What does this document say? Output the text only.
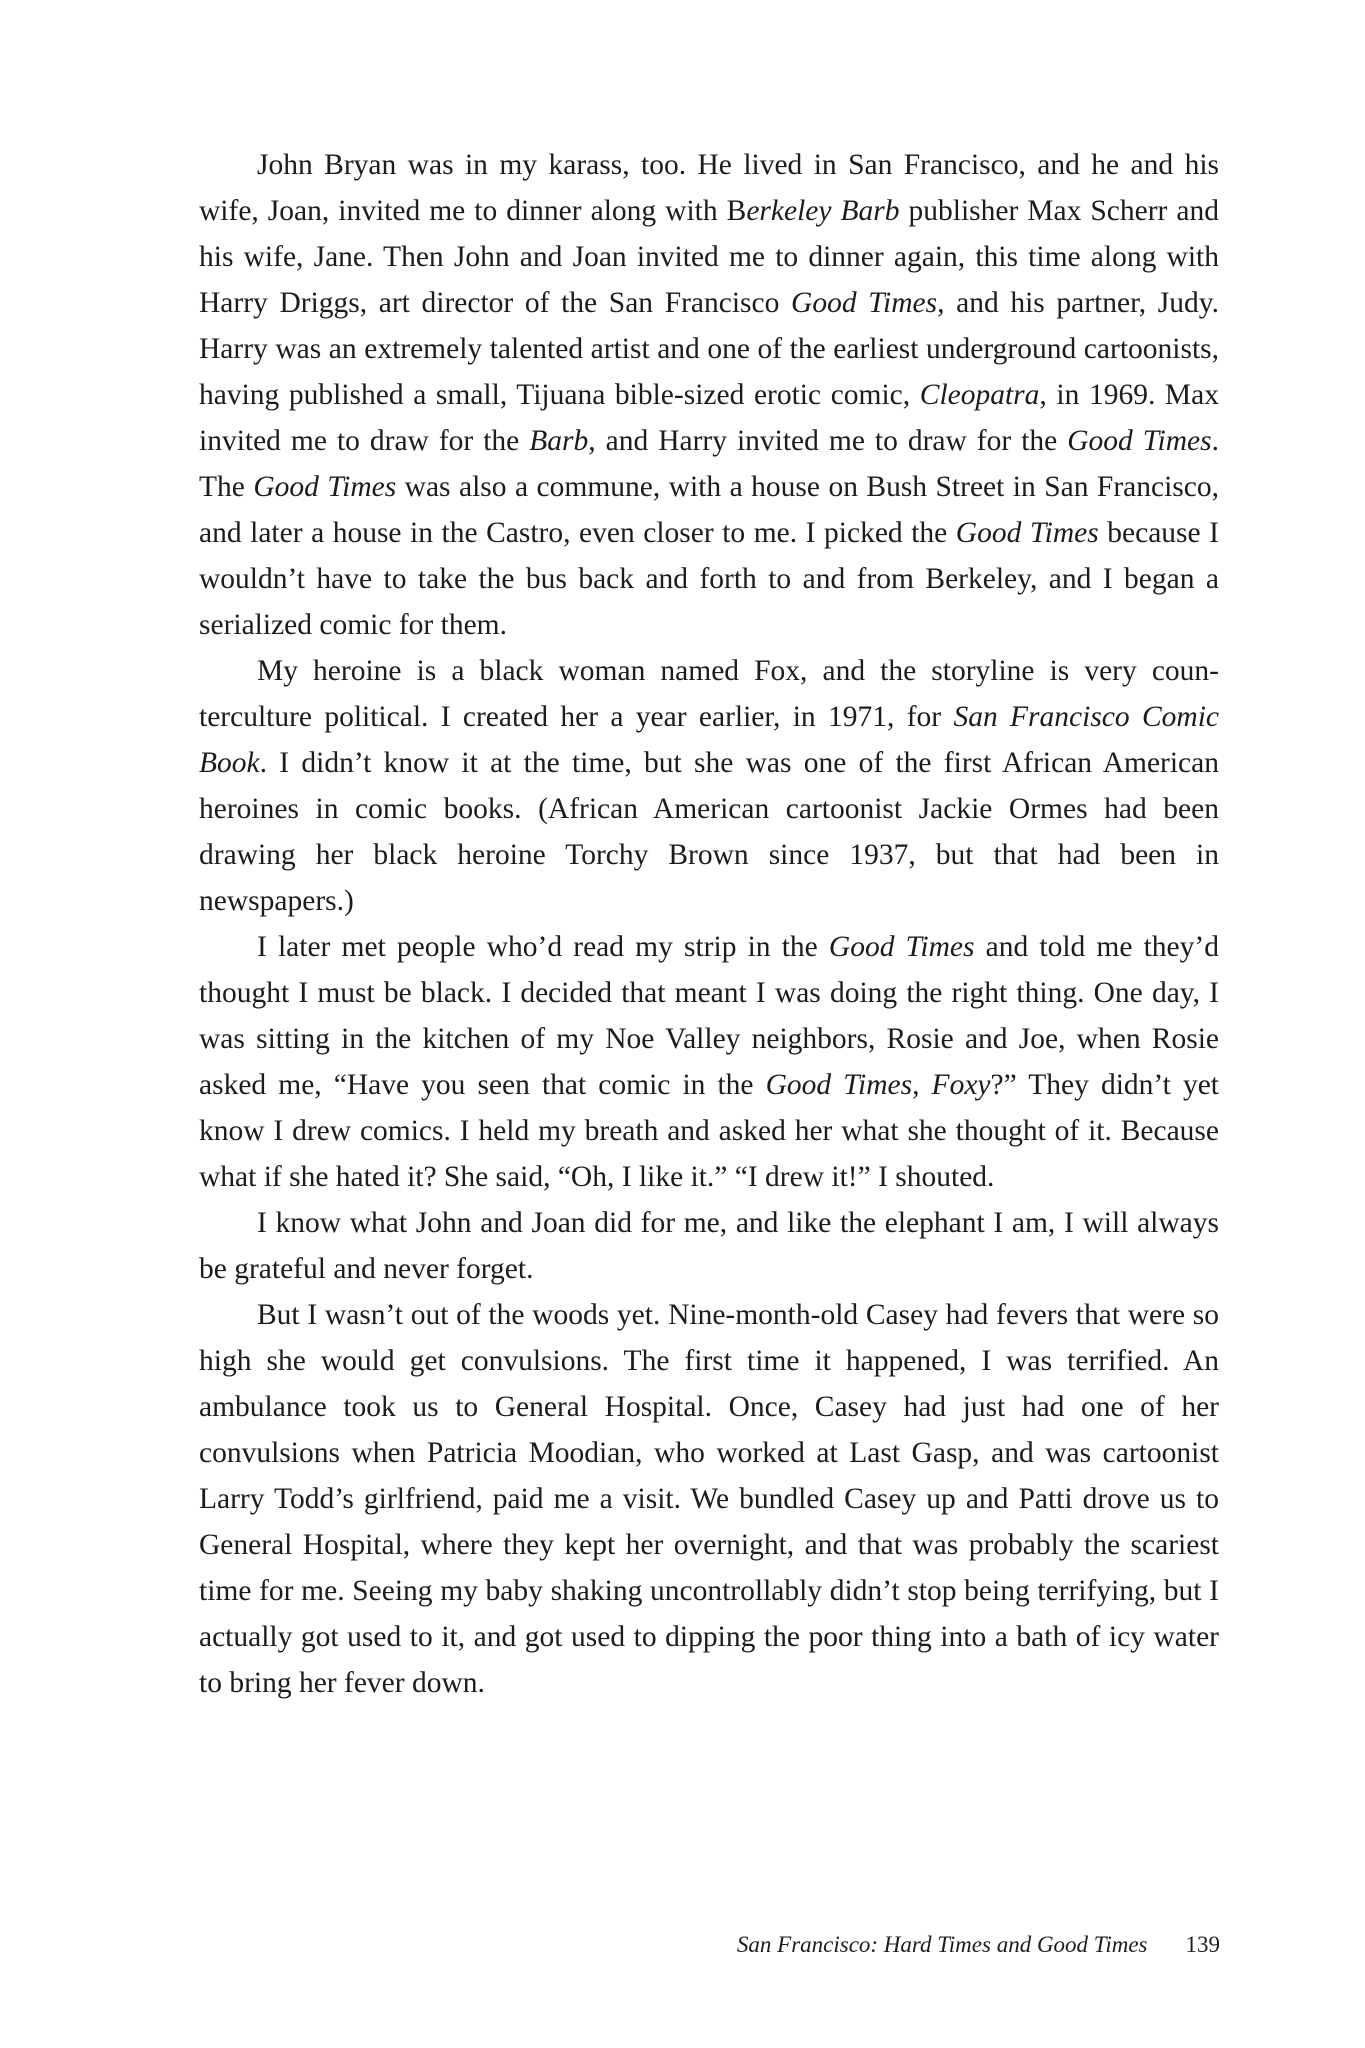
John Bryan was in my karass, too. He lived in San Francisco, and he and his wife, Joan, invited me to dinner along with Berkeley Barb publisher Max Scherr and his wife, Jane. Then John and Joan invited me to dinner again, this time along with Harry Driggs, art director of the San Francisco Good Times, and his partner, Judy. Harry was an extremely talented artist and one of the earliest underground cartoonists, having published a small, Tijuana bible-sized erotic comic, Cleopatra, in 1969. Max invited me to draw for the Barb, and Harry invited me to draw for the Good Times. The Good Times was also a commune, with a house on Bush Street in San Francisco, and later a house in the Castro, even closer to me. I picked the Good Times because I wouldn’t have to take the bus back and forth to and from Berkeley, and I began a serialized comic for them.

My heroine is a black woman named Fox, and the storyline is very counterculture political. I created her a year earlier, in 1971, for San Francisco Comic Book. I didn’t know it at the time, but she was one of the first African American heroines in comic books. (African American cartoonist Jackie Ormes had been drawing her black heroine Torchy Brown since 1937, but that had been in newspapers.)

I later met people who’d read my strip in the Good Times and told me they’d thought I must be black. I decided that meant I was doing the right thing. One day, I was sitting in the kitchen of my Noe Valley neighbors, Rosie and Joe, when Rosie asked me, “Have you seen that comic in the Good Times, Foxy?” They didn’t yet know I drew comics. I held my breath and asked her what she thought of it. Because what if she hated it? She said, “Oh, I like it.” “I drew it!” I shouted.

I know what John and Joan did for me, and like the elephant I am, I will always be grateful and never forget.

But I wasn’t out of the woods yet. Nine-month-old Casey had fevers that were so high she would get convulsions. The first time it happened, I was terrified. An ambulance took us to General Hospital. Once, Casey had just had one of her convulsions when Patricia Moodian, who worked at Last Gasp, and was cartoonist Larry Todd’s girlfriend, paid me a visit. We bundled Casey up and Patti drove us to General Hospital, where they kept her overnight, and that was probably the scariest time for me. Seeing my baby shaking uncontrollably didn’t stop being terrifying, but I actually got used to it, and got used to dipping the poor thing into a bath of icy water to bring her fever down.

San Francisco: Hard Times and Good Times 139
